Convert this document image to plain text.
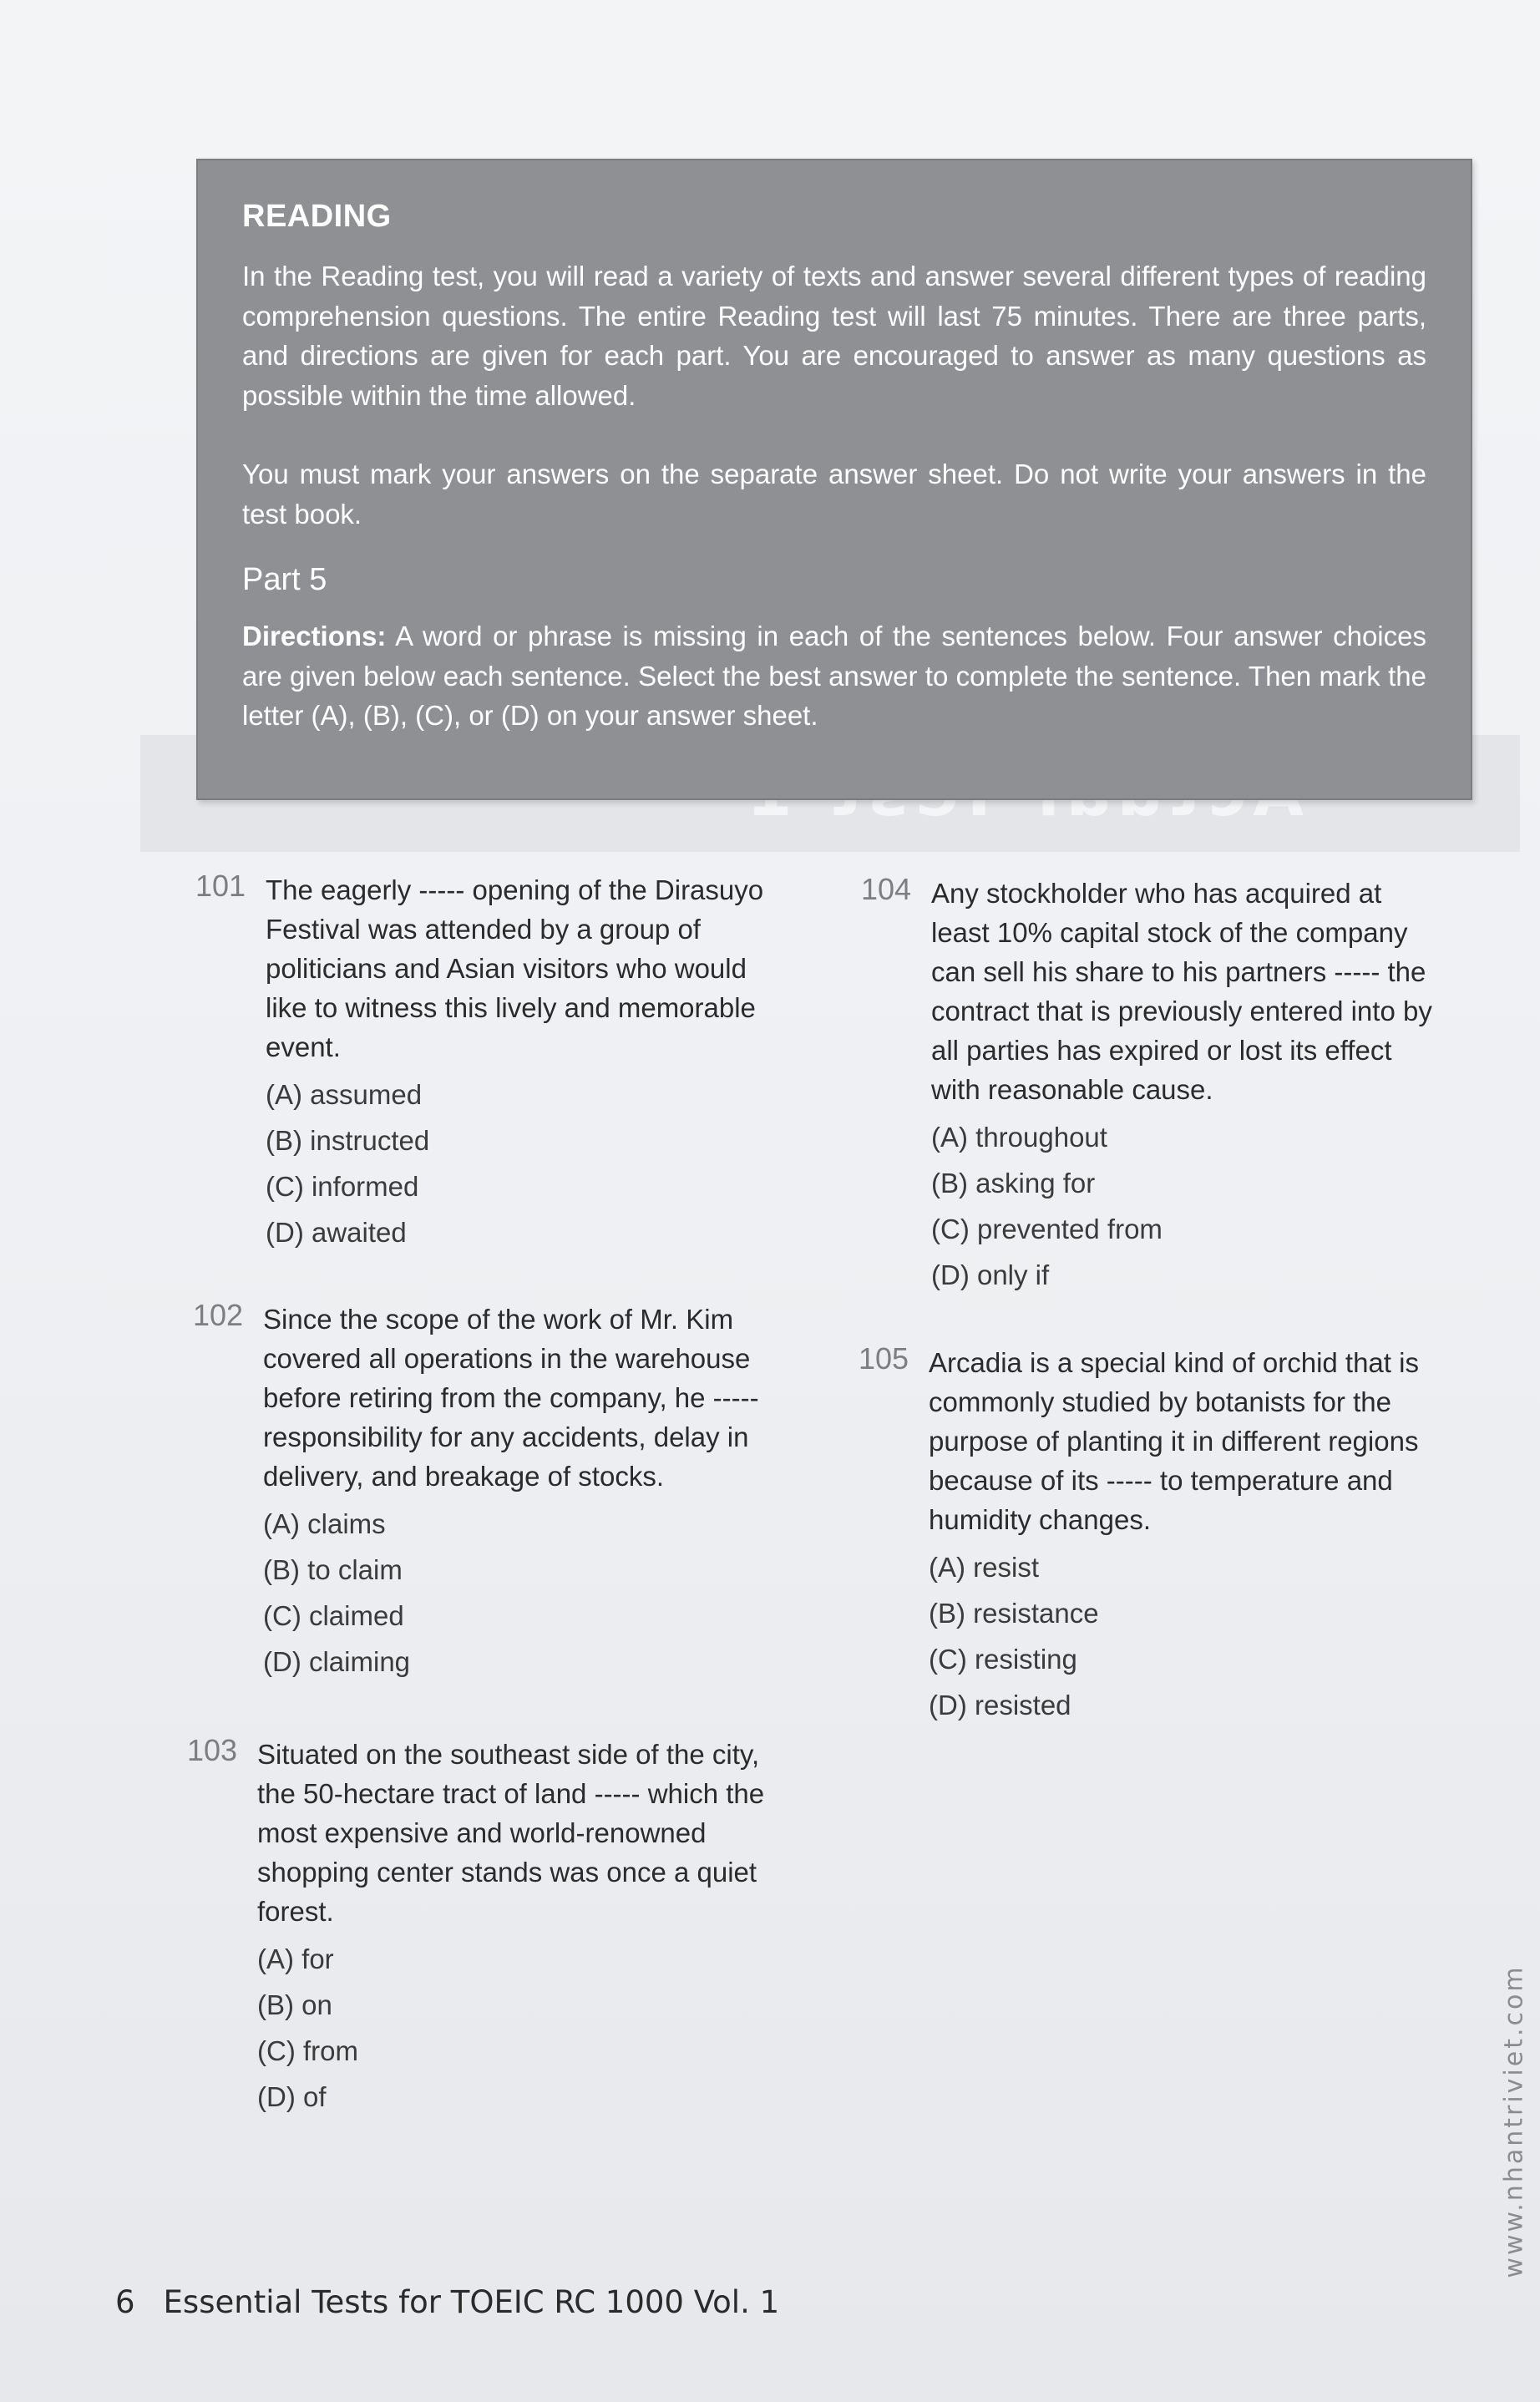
READING

In the Reading test, you will read a variety of texts and answer several different types of reading comprehension questions. The entire Reading test will last 75 minutes. There are three parts, and directions are given for each part. You are encouraged to answer as many questions as possible within the time allowed.

You must mark your answers on the separate answer sheet. Do not write your answers in the test book.

Part 5

Directions: A word or phrase is missing in each of the sentences below. Four answer choices are given below each sentence. Select the best answer to complete the sentence. Then mark the letter (A), (B), (C), or (D) on your answer sheet.

101 The eagerly ----- opening of the Dirasuyo

Festival was attended by a group of

politicians and Asian visitors who would

like to witness this lively and memorable

event.

(A) assumed
(B) instructed
(C) informed
(D) awaited
102 Since the scope of the work of Mr. Kim

covered all operations in the warehouse

before retiring from the company, he -----

responsibility for any accidents, delay in

delivery, and breakage of stocks.

(A) claims
(B) to claim
(C) claimed
(D) claiming
103 Situated on the southeast side of the city,

the 50-hectare tract of land ----- which the

most expensive and world-renowned

shopping center stands was once a quiet

forest.

(A) for
(B) on
(C) from
(D) of
104 Any stockholder who has acquired at

least 10% capital stock of the company

can sell his share to his partners ----- the

contract that is previously entered into by

all parties has expired or lost its effect

with reasonable cause.

(A) throughout
(B) asking for
(C) prevented from
(D) only if
105 Arcadia is a special kind of orchid that is

commonly studied by botanists for the

purpose of planting it in different regions

because of its ----- to temperature and

humidity changes.

(A) resist
(B) resistance
(C) resisting
(D) resisted
www.nhantriviet.com
6 Essential Tests for TOEIC RC 1000 Vol. 1
